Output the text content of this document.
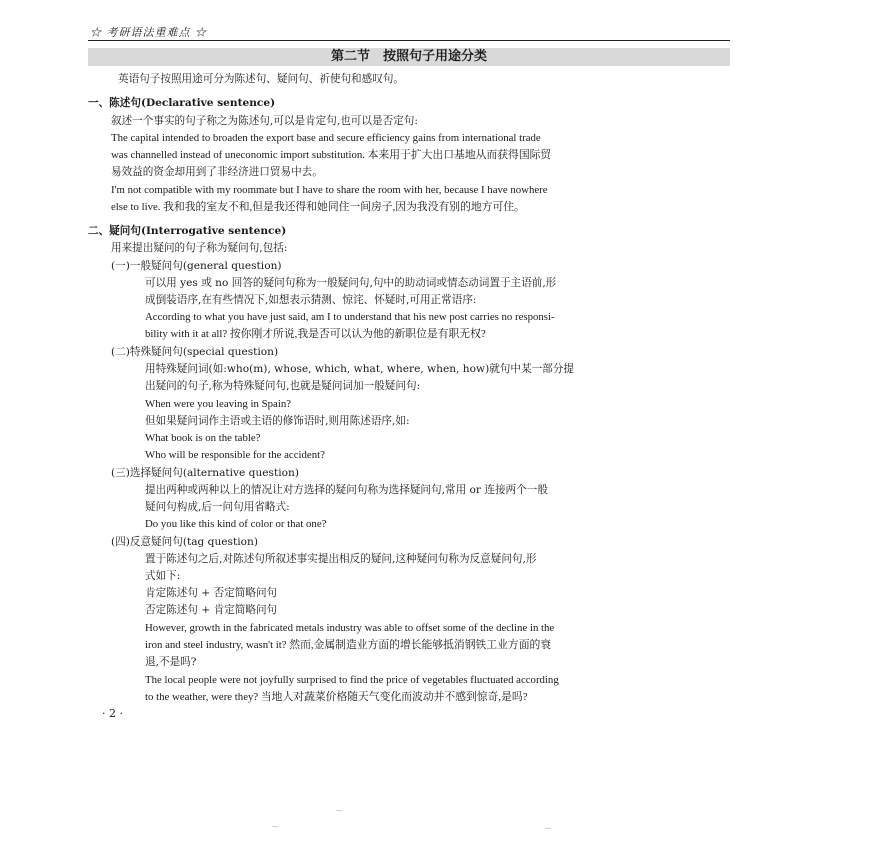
☆ 考研语法重难点 ☆
第二节　按照句子用途分类
英语句子按照用途可分为陈述句、疑问句、祈使句和感叹句。
一、陈述句(Declarative sentence)
叙述一个事实的句子称之为陈述句,可以是肯定句,也可以是否定句:
The capital intended to broaden the export base and secure efficiency gains from international trade
was channelled instead of uneconomic import substitution. 本来用于扩大出口基地从而获得国际贸
易效益的资金却用到了非经济进口贸易中去。
I'm not compatible with my roommate but I have to share the room with her, because I have nowhere
else to live. 我和我的室友不和,但是我还得和她同住一间房子,因为我没有别的地方可住。
二、疑问句(Interrogative sentence)
用来提出疑问的句子称为疑问句,包括:
(一)一般疑问句(general question)
可以用 yes 或 no 回答的疑问句称为一般疑问句,句中的助动词或情态动词置于主语前,形
成倒装语序,在有些情况下,如想表示猜测、惊诧、怀疑时,可用正常语序:
According to what you have just said, am I to understand that his new post carries no responsi-
bility with it at all? 按你刚才所说,我是否可以认为他的新职位是有职无权?
(二)特殊疑问句(special question)
用特殊疑问词(如:who(m), whose, which, what, where, when, how)就句中某一部分提
出疑问的句子,称为特殊疑问句,也就是疑问词加一般疑问句:
When were you leaving in Spain?
但如果疑问词作主语或主语的修饰语时,则用陈述语序,如:
What book is on the table?
Who will be responsible for the accident?
(三)选择疑问句(alternative question)
提出两种或两种以上的情况让对方选择的疑问句称为选择疑问句,常用 or 连接两个一般
疑问句构成,后一问句用省略式:
Do you like this kind of color or that one?
(四)反意疑问句(tag question)
置于陈述句之后,对陈述句所叙述事实提出相反的疑问,这种疑问句称为反意疑问句,形
式如下:
肯定陈述句 + 否定简略问句
否定陈述句 + 肯定简略问句
However, growth in the fabricated metals industry was able to offset some of the decline in the
iron and steel industry, wasn't it? 然而,金属制造业方面的增长能够抵消钢铁工业方面的衰
退,不是吗?
The local people were not joyfully surprised to find the price of vegetables fluctuated according
to the weather, were they? 当地人对蔬菜价格随天气变化而波动并不感到惊奇,是吗?
· 2 ·
